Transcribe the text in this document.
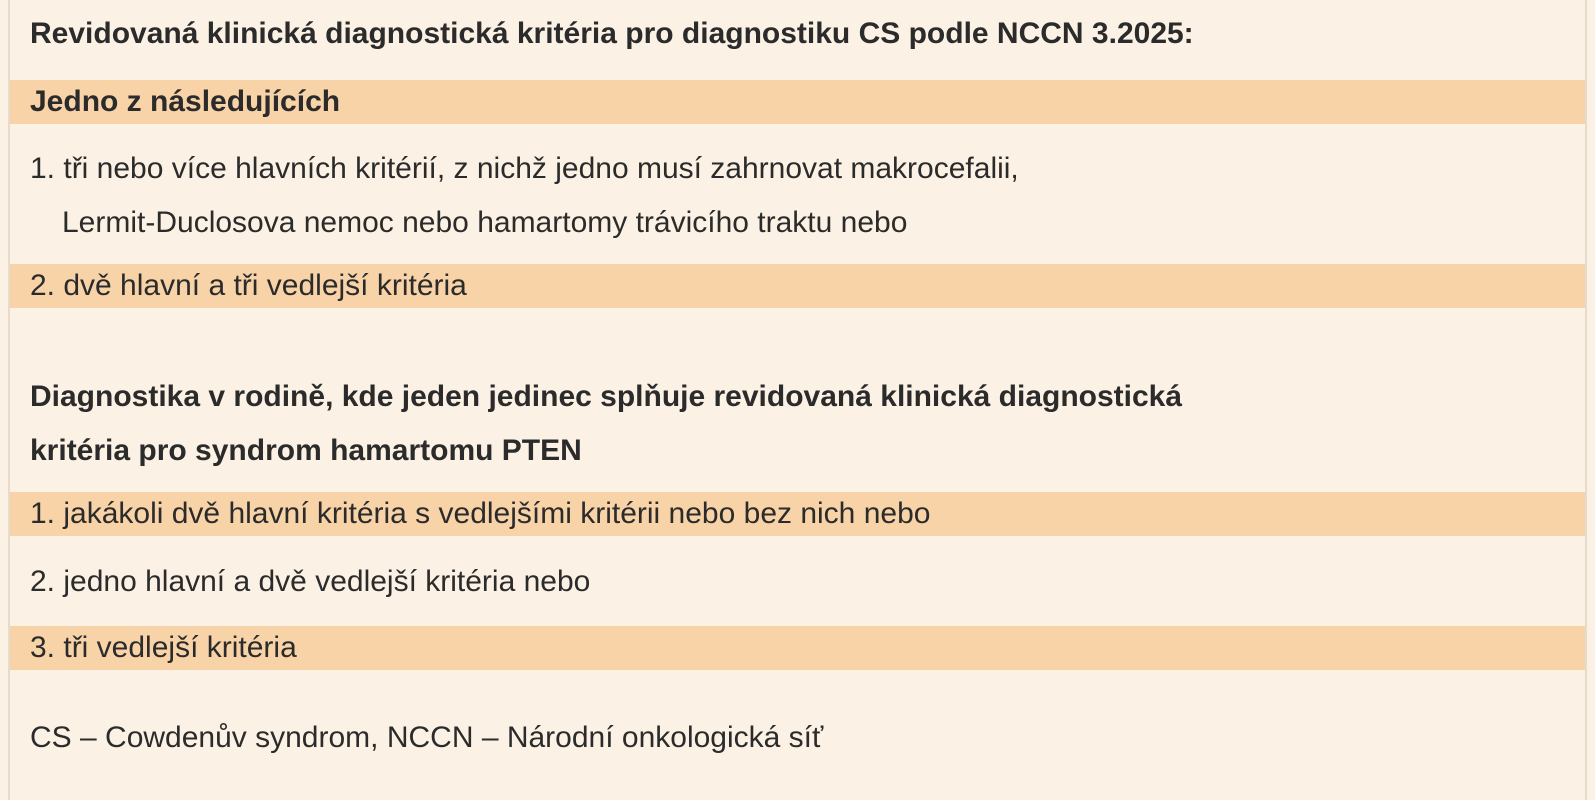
Revidovaná klinická diagnostická kritéria pro diagnostiku CS podle NCCN 3.2025:
Jedno z následujících
1. tři nebo více hlavních kritérií, z nichž jedno musí zahrnovat makrocefalii,
Lermit-Duclosova nemoc nebo hamartomy trávicího traktu nebo
2. dvě hlavní a tři vedlejší kritéria
Diagnostika v rodině, kde jeden jedinec splňuje revidovaná klinická diagnostická
kritéria pro syndrom hamartomu PTEN
1. jakákoli dvě hlavní kritéria s vedlejšími kritérii nebo bez nich nebo
2. jedno hlavní a dvě vedlejší kritéria nebo
3. tři vedlejší kritéria
CS – Cowdenův syndrom, NCCN – Národní onkologická síť
